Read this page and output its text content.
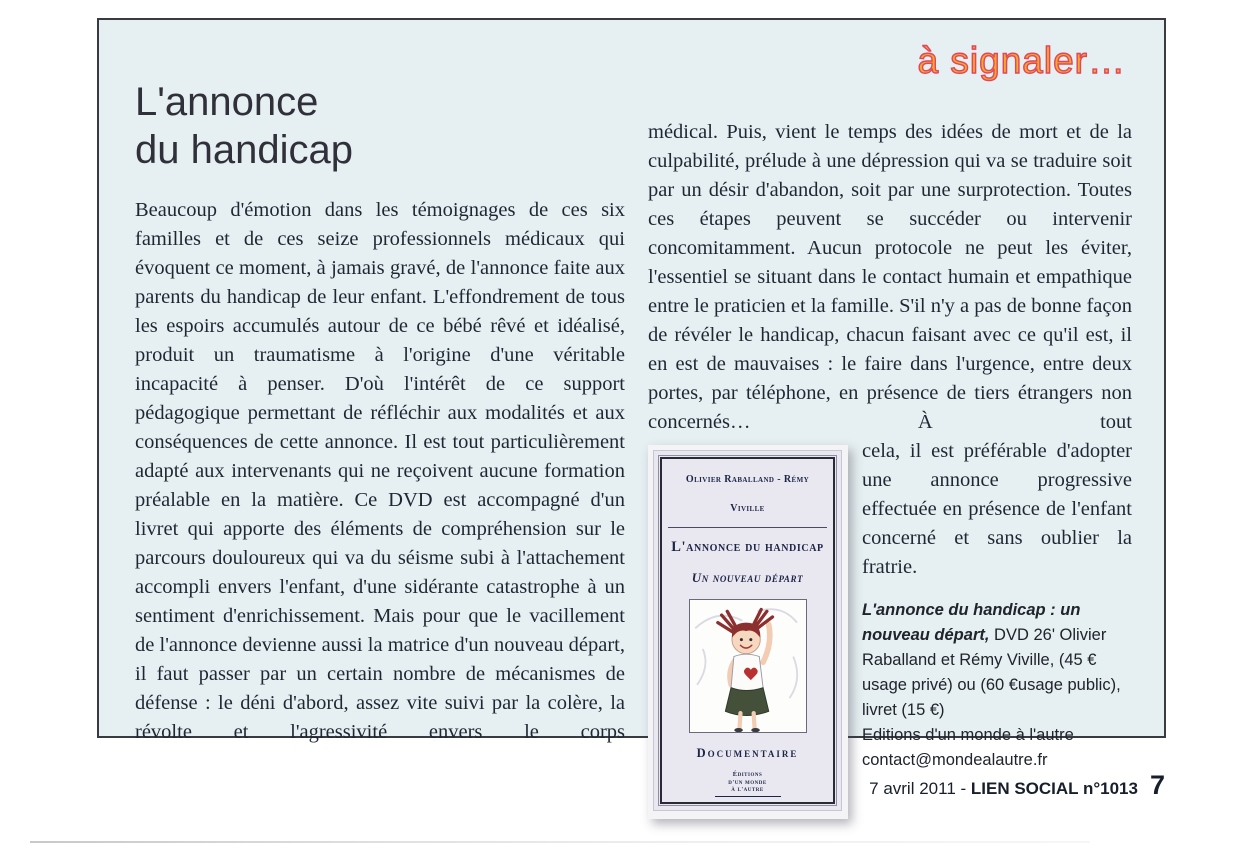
à signaler…
L'annonce
du handicap
Beaucoup d'émotion dans les témoignages de ces six familles et de ces seize professionnels médicaux qui évoquent ce moment, à jamais gravé, de l'annonce faite aux parents du handicap de leur enfant. L'effondrement de tous les espoirs accumulés autour de ce bébé rêvé et idéalisé, produit un traumatisme à l'origine d'une véritable incapacité à penser. D'où l'intérêt de ce support pédagogique permettant de réfléchir aux modalités et aux conséquences de cette annonce. Il est tout particulièrement adapté aux intervenants qui ne reçoivent aucune formation préalable en la matière. Ce DVD est accompagné d'un livret qui apporte des éléments de compréhension sur le parcours douloureux qui va du séisme subi à l'attachement accompli envers l'enfant, d'une sidérante catastrophe à un sentiment d'enrichissement. Mais pour que le vacillement de l'annonce devienne aussi la matrice d'un nouveau départ, il faut passer par un certain nombre de mécanismes de défense : le déni d'abord, assez vite suivi par la colère, la révolte et l'agressivité envers le corps

médical. Puis, vient le temps des idées de mort et de la culpabilité, prélude à une dépression qui va se traduire soit par un désir d'abandon, soit par une surprotection. Toutes ces étapes peuvent se succéder ou intervenir concomitamment. Aucun protocole ne peut les éviter, l'essentiel se situant dans le contact humain et empathique entre le praticien et la famille. S'il n'y a pas de bonne façon de révéler le handicap, chacun faisant avec ce qu'il est, il en est de mauvaises : le faire dans l'urgence, entre deux portes, par téléphone, en présence de tiers étrangers non concernés… À tout

Olivier Raballand - Rémy Viville
L'annonce du handicap
Un nouveau départ
Documentaire
Éditions
d'un monde
à l'autre

cela, il est préférable d'adopter une annonce progressive effectuée en présence de l'enfant concerné et sans oublier la fratrie.

L'annonce du handicap : un nouveau départ, DVD 26' Olivier Raballand et Rémy Viville, (45 € usage privé) ou (60 €usage public), livret (15 €)
Editions d'un monde à l'autre
contact@mondealautre.fr
7 avril 2011 - LIEN SOCIAL n°1013 7
